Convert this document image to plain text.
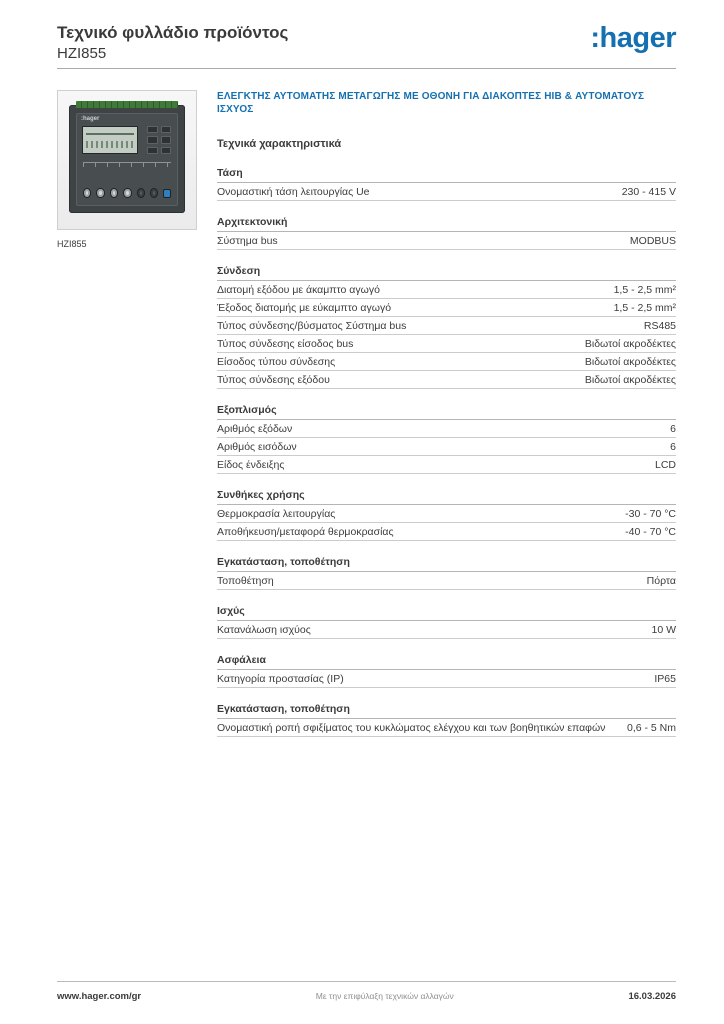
Τεχνικό φυλλάδιο προϊόντος
HZI855	:hager
:hager
HZI855
ΕΛΕΓΚΤΗΣ ΑΥΤΟΜΑΤΗΣ ΜΕΤΑΓΩΓΗΣ ΜΕ ΟΘΟΝΗ ΓΙΑ ΔΙΑΚΟΠΤΕΣ HIB & ΑΥΤΟΜΑΤΟΥΣ ΙΣΧΥΟΣ
Τεχνικά χαρακτηριστικά
Τάση
Ονομαστική τάση λειτουργίας Ue	230 - 415 V
Αρχιτεκτονική
Σύστημα bus	MODBUS
Σύνδεση
Διατομή εξόδου με άκαμπτο αγωγό	1,5 - 2,5 mm²
Έξοδος διατομής με εύκαμπτο αγωγό	1,5 - 2,5 mm²
Τύπος σύνδεσης/βύσματος Σύστημα bus	RS485
Τύπος σύνδεσης είσοδος bus	Βιδωτοί ακροδέκτες
Είσοδος τύπου σύνδεσης	Βιδωτοί ακροδέκτες
Τύπος σύνδεσης εξόδου	Βιδωτοί ακροδέκτες
Εξοπλισμός
Αριθμός εξόδων	6
Αριθμός εισόδων	6
Είδος ένδειξης	LCD
Συνθήκες χρήσης
Θερμοκρασία λειτουργίας	-30 - 70 °C
Αποθήκευση/μεταφορά θερμοκρασίας	-40 - 70 °C
Εγκατάσταση, τοποθέτηση
Τοποθέτηση	Πόρτα
Ισχύς
Κατανάλωση ισχύος	10 W
Ασφάλεια
Κατηγορία προστασίας (IP)	IP65
Εγκατάσταση, τοποθέτηση
Ονομαστική ροπή σφιξίματος του κυκλώματος ελέγχου και των βοηθητικών επαφών	0,6 - 5 Nm
www.hager.com/gr	Με την επιφύλαξη τεχνικών αλλαγών	16.03.2026
